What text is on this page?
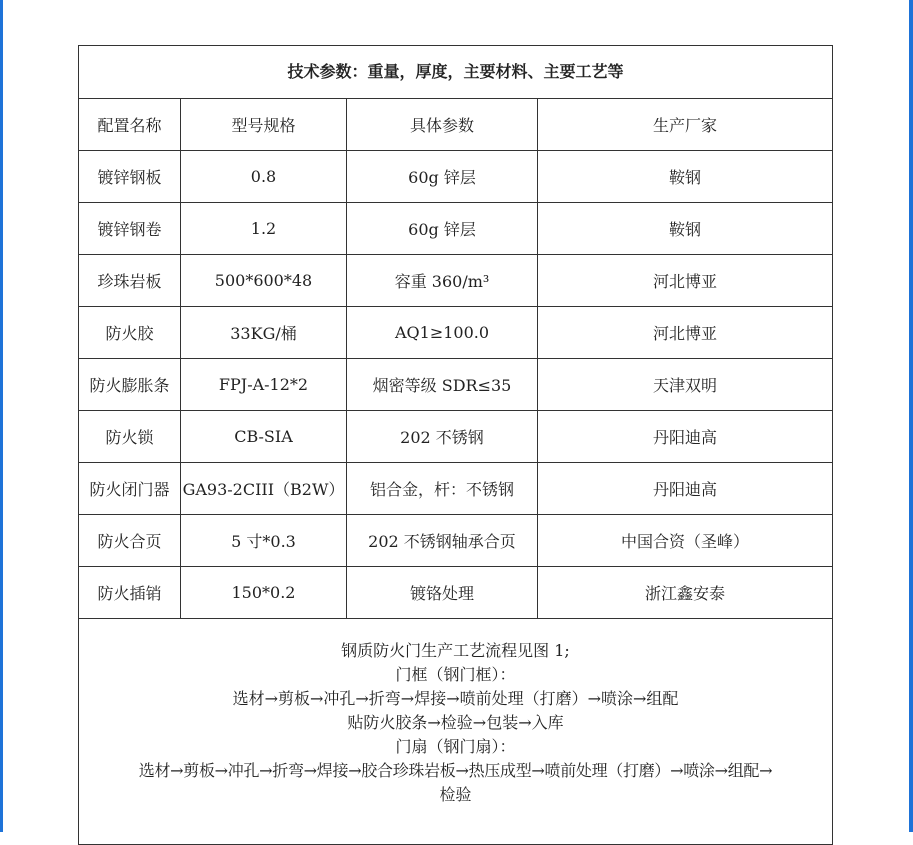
技术参数：重量，厚度，主要材料、主要工艺等
配置名称	型号规格	具体参数	生产厂家
镀锌钢板	0.8	60g 锌层	鞍钢
镀锌钢卷	1.2	60g 锌层	鞍钢
珍珠岩板	500*600*48	容重 360/m³	河北博亚
防火胶	33KG/桶	AQ1≥100.0	河北博亚
防火膨胀条	FPJ-A-12*2	烟密等级 SDR≤35	天津双明
防火锁	CB-SIA	202 不锈钢	丹阳迪高
防火闭门器 GA93-2CIII（B2W）	铝合金，杆：不锈钢	丹阳迪高
防火合页	5 寸*0.3	202 不锈钢轴承合页	中国合资（圣峰）
防火插销	150*0.2	镀铬处理	浙江鑫安泰
钢质防火门生产工艺流程见图 1;
门框（钢门框）：
选材→剪板→冲孔→折弯→焊接→喷前处理（打磨）→喷涂→组配
贴防火胶条→检验→包装→入库
门扇（钢门扇）：
选材→剪板→冲孔→折弯→焊接→胶合珍珠岩板→热压成型→喷前处理（打磨）→喷涂→组配→
检验
